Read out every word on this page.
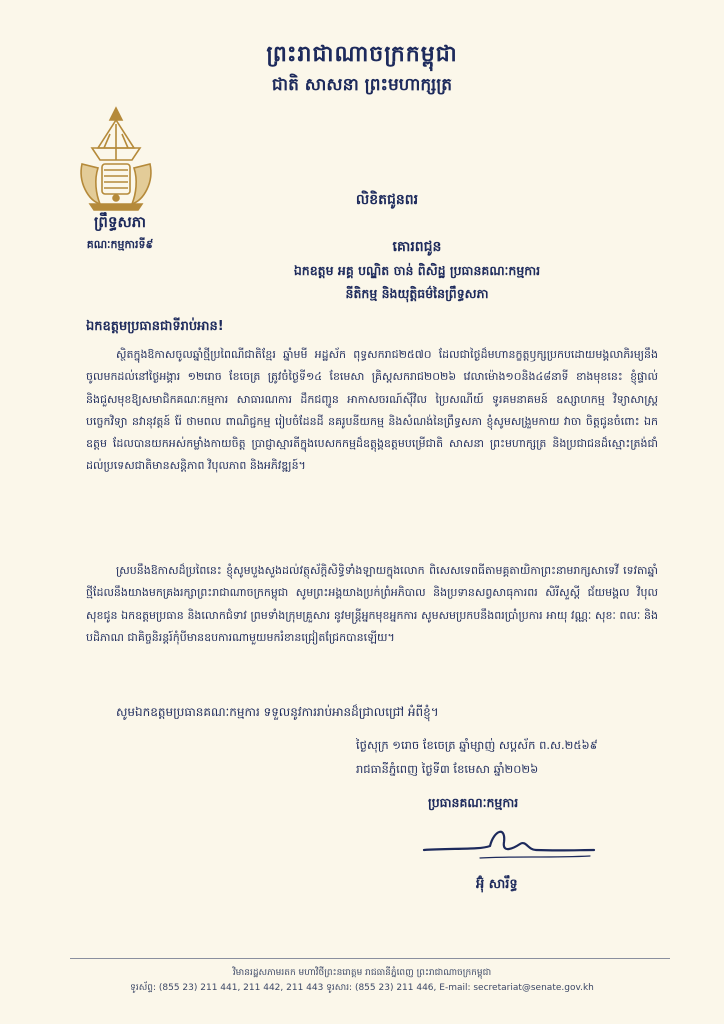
ព្រះរាជាណាចក្រកម្ពុជា
ជាតិ សាសនា ព្រះមហាក្សត្រ
ព្រឹទ្ធសភា
គណៈកម្មការទី៩
លិខិតជូនពរ
គោរពជូន
ឯកឧត្តម អគ្គ បណ្ឌិត ចាន់ ពិសិដ្ឋ ប្រធានគណៈកម្មការ
នីតិកម្ម និងយុត្តិធម៌នៃព្រឹទ្ធសភា
ឯកឧត្តមប្រធានជាទីរាប់អាន!

ស្ថិតក្នុងឱកាសចូលឆ្នាំថ្មីប្រពៃណីជាតិខ្មែរ ឆ្នាំមមី អដ្ឋស័ក ពុទ្ធសករាជ២៥៧០ ដែលជាថ្ងៃដ៏មហានក្ខត្តឫក្សប្រកបដោយមង្គលាភិរម្យនឹងចូលមកដល់នៅថ្ងៃអង្គារ ១២រោច ខែចេត្រ ត្រូវចំថ្ងៃទី១៤ ខែមេសា គ្រិស្តសករាជ២០២៦ វេលាម៉ោង១០និង៤៨នាទី ខាងមុខនេះ ខ្ញុំផ្ទាល់និងជួសមុខឱ្យសមាជិកគណៈកម្មការ សាធារណការ ដឹកជញ្ជូន អាកាសចរណ៍ស៊ីវិល ប្រៃសណីយ៍ ទូរគមនាគមន៍ ឧស្សាហកម្ម វិទ្យាសាស្ត្រ បច្ចេកវិទ្យា នវានុវត្តន៍ រ៉ែ ថាមពល ពាណិជ្ជកម្ម រៀបចំដែនដី នគរូបនីយកម្ម និងសំណង់នៃព្រឹទ្ធសភា ខ្ញុំសូមសង្រួមកាយ វាចា ចិត្តជូនចំពោះ ឯកឧត្តម ដែលបានយកអស់កម្លាំងកាយចិត្ត ប្រាជ្ញាស្មារតីក្នុងបេសកកម្មដ៏ឧត្តុង្គឧត្តមបម្រើជាតិ សាសនា ព្រះមហាក្សត្រ និងប្រជាជនដ៏ស្មោះត្រង់ជាំដល់ប្រទេសជាតិមានសន្តិភាព វិបុលភាព និងអភិវឌ្ឍន៍។

ស្របនឹងឱកាសដ៏ប្រពៃនេះ ខ្ញុំសូមបួងសួងដល់វត្ថុស័ក្តិសិទ្ធិទាំងឡាយក្នុងលោក ពិសេសទេពធីតាមគ្គតាយិកាព្រះនាមរាក្សសាទេវី ទេវតាឆ្នាំថ្មីដែលនឹងយាងមកគ្រងរក្សាព្រះរាជាណាចក្រកម្ពុជា សូមព្រះអង្គយាងប្រក់ព្រំអភិបាល និងប្រទានសព្វសាធុការពរ សិរីសួស្តី ជ័យមង្គល វិបុលសុខជូន ឯកឧត្តមប្រធាន និងលោកជំទាវ ព្រមទាំងក្រុមគ្រួសារ នូវមន្ត្រីអ្នកមុខអ្នកការ សូមសមប្រកបនឹងពរប្រាំប្រការ អាយុ វណ្ណៈ សុខៈ ពលៈ និងបដិភាណ ជាគិច្ចនិរន្តរ៍កុំបីមានឧបការណាមួយមករំខានជ្រៀតជ្រែកបានឡើយ។

សូមឯកឧត្តមប្រធានគណៈកម្មការ ទទួលនូវការរាប់អានដ៏ជ្រាលជ្រៅ អំពីខ្ញុំ។
ថ្ងៃសុក្រ ១រោច ខែចេត្រ ឆ្នាំម្សាញ់ សប្តស័ក ព.ស.២៥៦៩
រាជធានីភ្នំពេញ ថ្ងៃទី៣ ខែមេសា ឆ្នាំ២០២៦
ប្រធានគណៈកម្មការ
អ៊ុំ សារឹទ្ធ
វិមានរដ្ឋសភាមរតក មហាវិថីព្រះនរោត្តម រាជធានីភ្នំពេញ ព្រះរាជាណាចក្រកម្ពុជា
ទូរស័ព្ទ: (855 23) 211 441, 211 442, 211 443 ទូរសារ: (855 23) 211 446, E-mail: secretariat@senate.gov.kh
